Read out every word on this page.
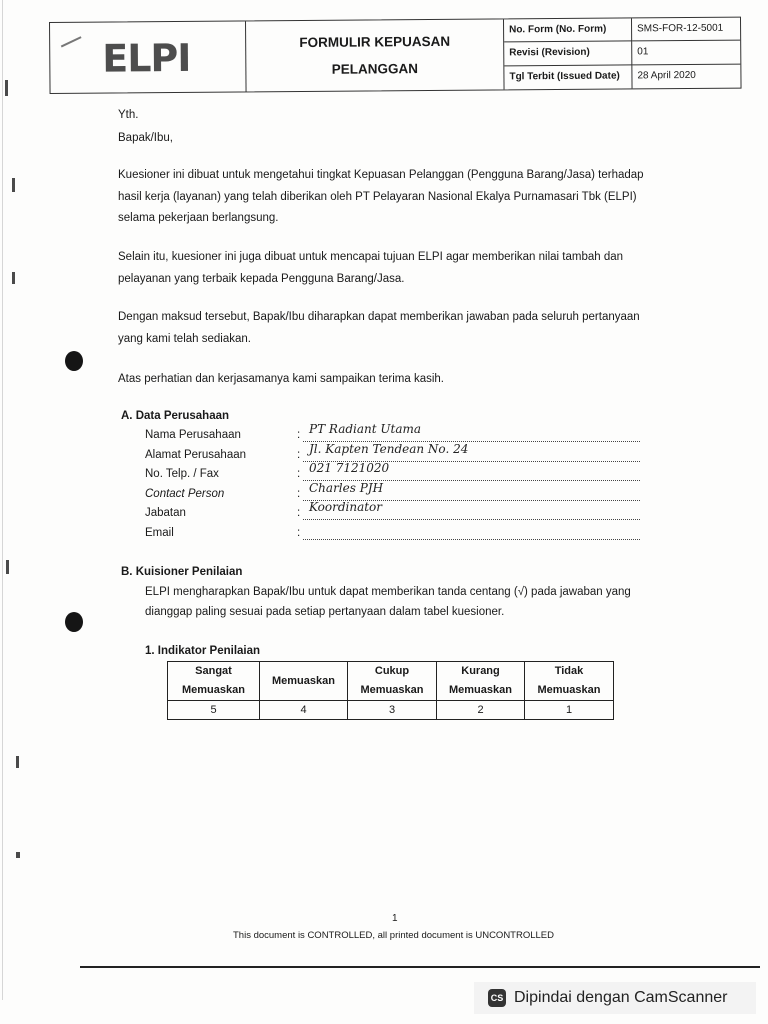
ELPI	FORMULIR KEPUASAN
PELANGGAN
No. Form (No. Form)	SMS-FOR-12-5001
Revisi (Revision)	01
Tgl Terbit (Issued Date)	28 April 2020
Yth.
Bapak/Ibu,
Kuesioner ini dibuat untuk mengetahui tingkat Kepuasan Pelanggan (Pengguna Barang/Jasa) terhadap
hasil kerja (layanan) yang telah diberikan oleh PT Pelayaran Nasional Ekalya Purnamasari Tbk (ELPI)
selama pekerjaan berlangsung.
Selain itu, kuesioner ini juga dibuat untuk mencapai tujuan ELPI agar memberikan nilai tambah dan
pelayanan yang terbaik kepada Pengguna Barang/Jasa.
Dengan maksud tersebut, Bapak/Ibu diharapkan dapat memberikan jawaban pada seluruh pertanyaan
yang kami telah sediakan.
Atas perhatian dan kerjasamanya kami sampaikan terima kasih.
A. Data Perusahaan
Nama Perusahaan	: PT Radiant Utama
Alamat Perusahaan	: Jl. Kapten Tendean No. 24
No. Telp. / Fax	: 021 7121020
Contact Person	: Charles PJH
Jabatan	: Koordinator
Email	:
B. Kuisioner Penilaian
ELPI mengharapkan Bapak/Ibu untuk dapat memberikan tanda centang (√) pada jawaban yang
dianggap paling sesuai pada setiap pertanyaan dalam tabel kuesioner.
1. Indikator Penilaian
Sangat Memuaskan	Memuaskan	Cukup Memuaskan	Kurang Memuaskan	Tidak Memuaskan
5	4	3	2	1
1
This document is CONTROLLED, all printed document is UNCONTROLLED
CS Dipindai dengan CamScanner
